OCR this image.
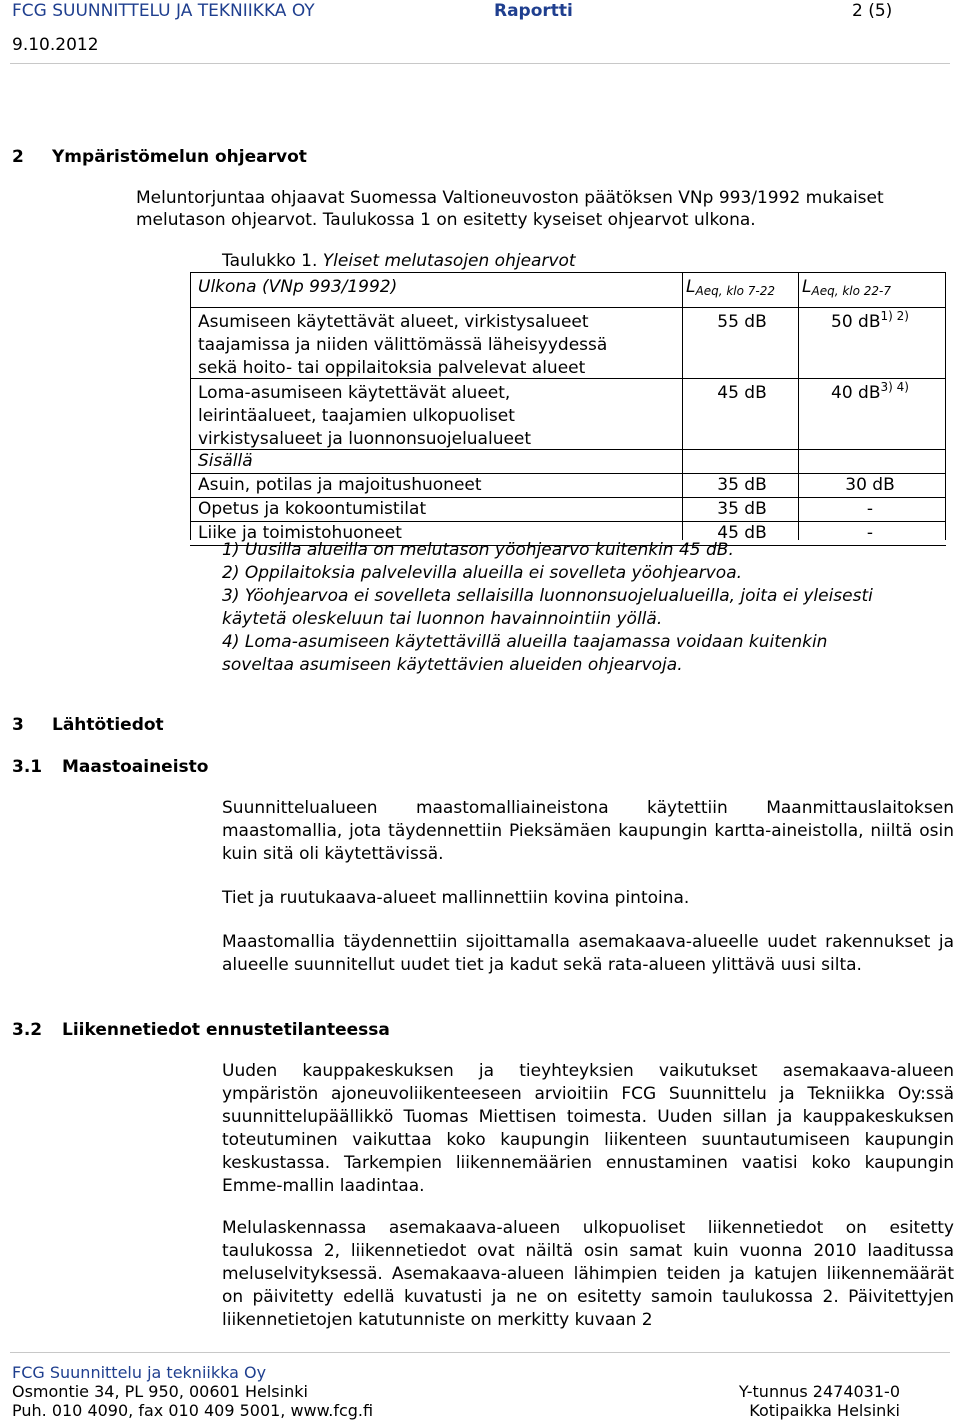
FCG SUUNNITTELU JA TEKNIIKKA OY	Raportti	2 (5)
9.10.2012
2 Ympäristömelun ohjearvot
Meluntorjuntaa ohjaavat Suomessa Valtioneuvoston päätöksen VNp 993/1992 mukaiset
melutason ohjearvot. Taulukossa 1 on esitetty kyseiset ohjearvot ulkona.
Taulukko 1. Yleiset melutasojen ohjearvot
Ulkona (VNp 993/1992)	$L_{Aeq, klo 7-22}$	$L_{Aeq, klo 22-7}$
Asumiseen käytettävät alueet, virkistysalueet
taajamissa ja niiden välittömässä läheisyydessä
sekä hoito- tai oppilaitoksia palvelevat alueet
55 dB	50 $dB^{1) 2)}$
Loma-asumiseen käytettävät alueet,
leirintäalueet, taajamien ulkopuoliset
virkistysalueet ja luonnonsuojelualueet
45 dB	40 $dB^{3) 4)}$
Sisällä
Asuin, potilas ja majoitushuoneet	35 dB	30 dB
Opetus ja kokoontumistilat	35 dB	-
Liike ja toimistohuoneet	45 dB	-
1) Uusilla alueilla on melutason yöohjearvo kuitenkin 45 dB.
2) Oppilaitoksia palvelevilla alueilla ei sovelleta yöohjearvoa.
3) Yöohjearvoa ei sovelleta sellaisilla luonnonsuojelualueilla, joita ei yleisesti
käytetä oleskeluun tai luonnon havainnointiin yöllä.
4) Loma-asumiseen käytettävillä alueilla taajamassa voidaan kuitenkin
soveltaa asumiseen käytettävien alueiden ohjearvoja.
3 Lähtötiedot
3.1 Maastoaineisto
Suunnittelualueen maastomalliaineistona käytettiin Maanmittauslaitoksen maastomallia, jota täydennettiin Pieksämäen kaupungin kartta-aineistolla, niiltä osin kuin sitä oli käytettävissä.
Tiet ja ruutukaava-alueet mallinnettiin kovina pintoina.
Maastomallia täydennettiin sijoittamalla asemakaava-alueelle uudet rakennukset ja alueelle suunnitellut uudet tiet ja kadut sekä rata-alueen ylittävä uusi silta.
3.2 Liikennetiedot ennustetilanteessa
Uuden kauppakeskuksen ja tieyhteyksien vaikutukset asemakaava-alueen ympäristön ajoneuvoliikenteeseen arvioitiin FCG Suunnittelu ja Tekniikka Oy:ssä suunnittelupäällikkö Tuomas Miettisen toimesta. Uuden sillan ja kauppakeskuksen toteutuminen vaikuttaa koko kaupungin liikenteen suuntautumiseen kaupungin keskustassa. Tarkempien liikennemäärien ennustaminen vaatisi koko kaupungin Emme-mallin laadintaa.
Melulaskennassa asemakaava-alueen ulkopuoliset liikennetiedot on esitetty taulukossa 2, liikennetiedot ovat näiltä osin samat kuin vuonna 2010 laaditussa meluselvityksessä. Asemakaava-alueen lähimpien teiden ja katujen liikennemäärät on päivitetty edellä kuvatusti ja ne on esitetty samoin taulukossa 2. Päivitettyjen liikennetietojen katutunniste on merkitty kuvaan 2
FCG Suunnittelu ja tekniikka Oy
Osmontie 34, PL 950, 00601 Helsinki
Puh. 010 4090, fax 010 409 5001, www.fcg.fi
Y-tunnus 2474031-0
Kotipaikka Helsinki
